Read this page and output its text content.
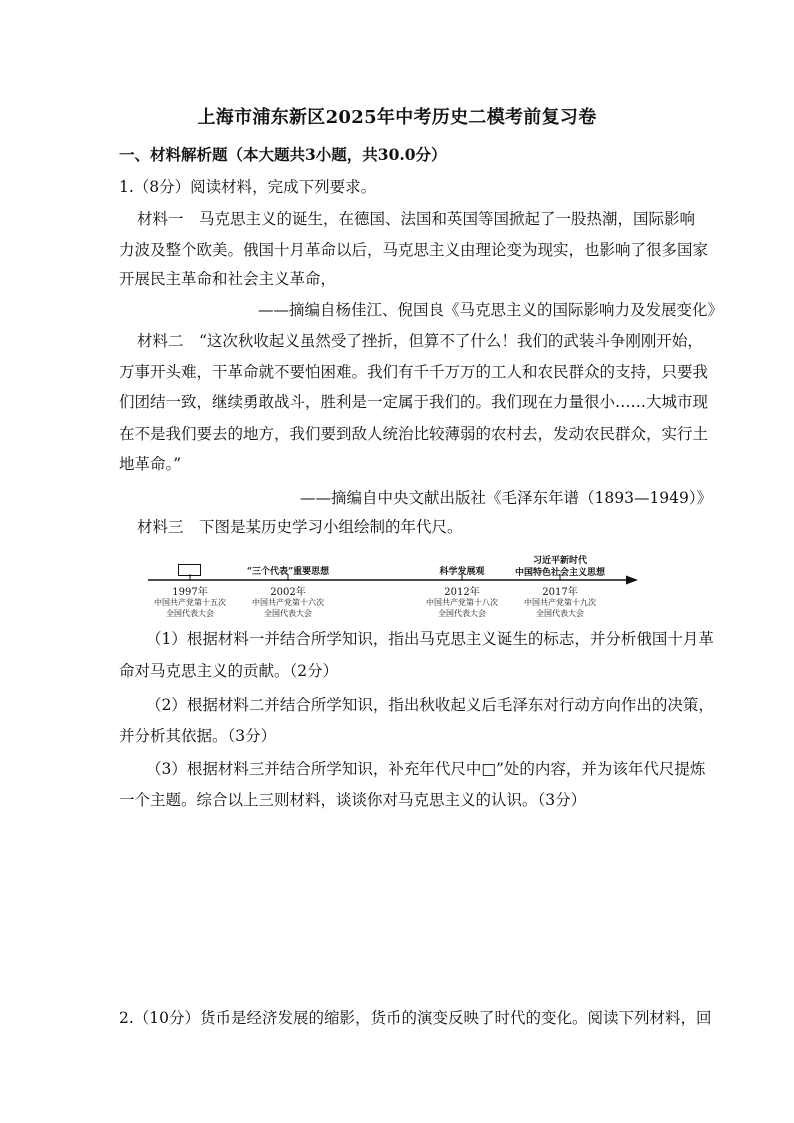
上海市浦东新区2025年中考历史二模考前复习卷
一、材料解析题（本大题共3小题，共30.0分）
1.（8分）阅读材料，完成下列要求。
材料一　马克思主义的诞生，在德国、法国和英国等国掀起了一股热潮，国际影响
力波及整个欧美。俄国十月革命以后，马克思主义由理论变为现实，也影响了很多国家
开展民主革命和社会主义革命，
——摘编自杨佳江、倪国良《马克思主义的国际影响力及发展变化》
材料二　“这次秋收起义虽然受了挫折，但算不了什么！我们的武装斗争刚刚开始，
万事开头难，干革命就不要怕困难。我们有千千万万的工人和农民群众的支持，只要我
们团结一致，继续勇敢战斗，胜利是一定属于我们的。我们现在力量很小……大城市现
在不是我们要去的地方，我们要到敌人统治比较薄弱的农村去，发动农民群众，实行土
地革命。”
——摘编自中央文献出版社《毛泽东年谱（1893—1949）》
材料三　下图是某历史学习小组绘制的年代尺。
“三个代表”重要思想	科学发展观
习近平新时代
中国特色社会主义思想
1997年	2002年	2012年	2017年
中国共产党第十五次
全国代表大会
中国共产党第十六次
全国代表大会
中国共产党第十八次
全国代表大会
中国共产党第十九次
全国代表大会
（1）根据材料一并结合所学知识，指出马克思主义诞生的标志，并分析俄国十月革
命对马克思主义的贡献。（2分）
（2）根据材料二并结合所学知识，指出秋收起义后毛泽东对行动方向作出的决策，
并分析其依据。（3分）
（3）根据材料三并结合所学知识，补充年代尺中□”处的内容，并为该年代尺提炼
一个主题。综合以上三则材料，谈谈你对马克思主义的认识。（3分）
2.（10分）货币是经济发展的缩影，货币的演变反映了时代的变化。阅读下列材料，回
